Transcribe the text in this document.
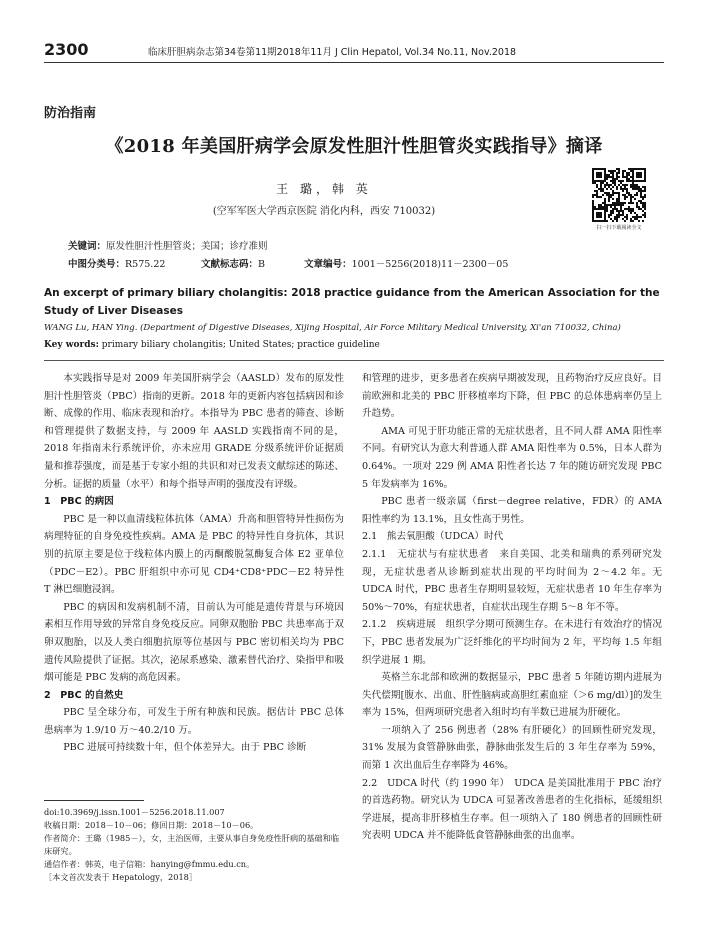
2300	临床肝胆病杂志第34卷第11期2018年11月 J Clin Hepatol, Vol.34 No.11, Nov.2018
防治指南
《2018 年美国肝病学会原发性胆汁性胆管炎实践指导》摘译
王 璐，韩 英
(空军军医大学西京医院 消化内科，西安 710032)
扫一扫下载阅读全文
关键词：原发性胆汁性胆管炎；美国；诊疗准则
中图分类号：R575.22	文献标志码：B	文章编号：1001－5256(2018)11－2300－05
An excerpt of primary biliary cholangitis: 2018 practice guidance from the American Association for the Study of Liver Diseases
WANG Lu, HAN Ying. (Department of Digestive Diseases, Xijing Hospital, Air Force Military Medical University, Xi'an 710032, China)
Key words: primary biliary cholangitis; United States; practice guideline

本实践指导是对 2009 年美国肝病学会（AASLD）发布的原发性胆汁性胆管炎（PBC）指南的更新。2018 年的更新内容包括病因和诊断、成像的作用、临床表现和治疗。本指导为 PBC 患者的筛查、诊断和管理提供了数据支持，与 2009 年 AASLD 实践指南不同的是，2018 年指南未行系统评价，亦未应用 GRADE 分级系统评价证据质量和推荐强度，而是基于专家小组的共识和对已发表文献综述的陈述、分析。证据的质量（水平）和每个指导声明的强度没有评级。

1　PBC 的病因

PBC 是一种以血清线粒体抗体（AMA）升高和胆管特异性损伤为病理特征的自身免疫性疾病。AMA 是 PBC 的特异性自身抗体，其识别的抗原主要是位于线粒体内膜上的丙酮酸脱氢酶复合体 E2 亚单位（PDC－E2）。PBC 肝组织中亦可见 CD4⁺CD8⁺PDC－E2 特异性 T 淋巴细胞浸润。

PBC 的病因和发病机制不清，目前认为可能是遗传背景与环境因素相互作用导致的异常自身免疫反应。同卵双胞胎 PBC 共患率高于双卵双胞胎，以及人类白细胞抗原等位基因与 PBC 密切相关均为 PBC 遗传风险提供了证据。其次，泌尿系感染、激素替代治疗、染指甲和吸烟可能是 PBC 发病的高危因素。

2　PBC 的自然史

PBC 呈全球分布，可发生于所有种族和民族。据估计 PBC 总体患病率为 1.9/10 万～40.2/10 万。

PBC 进展可持续数十年，但个体差异大。由于 PBC 诊断

和管理的进步，更多患者在疾病早期被发现，且药物治疗反应良好。目前欧洲和北美的 PBC 肝移植率均下降，但 PBC 的总体患病率仍呈上升趋势。

AMA 可见于肝功能正常的无症状患者，且不同人群 AMA 阳性率不同。有研究认为意大利普通人群 AMA 阳性率为 0.5%，日本人群为 0.64%。一项对 229 例 AMA 阳性者长达 7 年的随访研究发现 PBC 5 年发病率为 16%。

PBC 患者一级亲属（first－degree relative，FDR）的 AMA 阳性率约为 13.1%，且女性高于男性。

2.1　熊去氧胆酸（UDCA）时代

2.1.1　无症状与有症状患者　 来自美国、北美和瑞典的系列研究发现，无症状患者从诊断到症状出现的平均时间为 2～4.2 年。无 UDCA 时代，PBC 患者生存期明显较短，无症状患者 10 年生存率为 50%～70%，有症状患者，自症状出现生存期 5～8 年不等。

2.1.2　疾病进展　 组织学分期可预测生存。在未进行有效治疗的情况下，PBC 患者发展为广泛纤维化的平均时间为 2 年，平均每 1.5 年组织学进展 1 期。

英格兰东北部和欧洲的数据显示，PBC 患者 5 年随访期内进展为失代偿期[腹水、出血、肝性脑病或高胆红素血症（＞6 mg/dl）]的发生率为 15%，但两项研究患者入组时均有半数已进展为肝硬化。

一项纳入了 256 例患者（28% 有肝硬化）的回顾性研究发现，31% 发展为食管静脉曲张，静脉曲张发生后的 3 年生存率为 59%，而第 1 次出血后生存率降为 46%。

2.2　UDCA 时代（约 1990 年）　 UDCA 是美国批准用于 PBC 治疗的首选药物。研究认为 UDCA 可显著改善患者的生化指标，延缓组织学进展，提高非肝移植生存率。但一项纳入了 180 例患者的回顾性研究表明 UDCA 并不能降低食管静脉曲张的出血率。

doi:10.3969/j.issn.1001－5256.2018.11.007

收稿日期：2018－10－06；修回日期：2018－10－06。

作者简介：王璐（1985－），女，主治医师，主要从事自身免疫性肝病的基础和临床研究。

通信作者：韩英，电子信箱：hanying@fmmu.edu.cn。

［本文首次发表于 Hepatology，2018］
